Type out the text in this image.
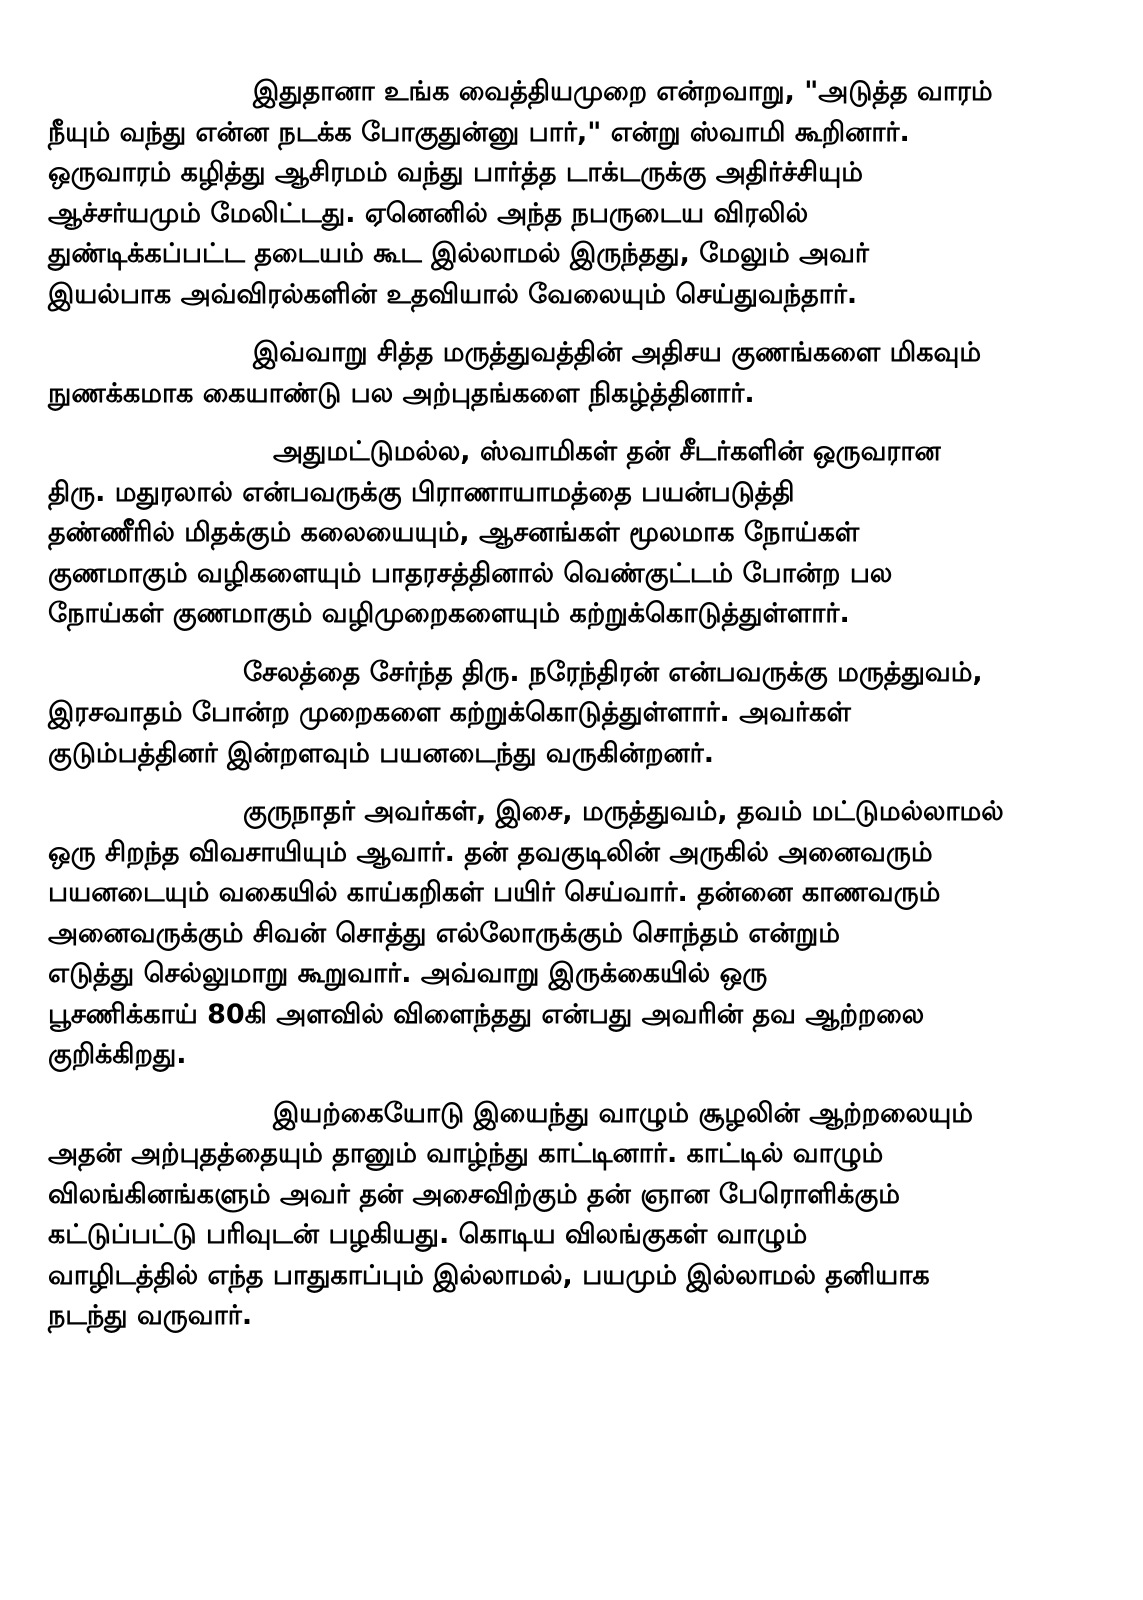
இதுதானா உங்க வைத்தியமுறை என்றவாறு, "அடுத்த வாரம்
நீயும் வந்து என்ன நடக்க போகுதுன்னு பார்," என்று ஸ்வாமி கூறினார்.
ஒருவாரம் கழித்து ஆசிரமம் வந்து பார்த்த டாக்டருக்கு அதிர்ச்சியும்
ஆச்சர்யமும் மேலிட்டது. ஏனெனில் அந்த நபருடைய விரலில்
துண்டிக்கப்பட்ட தடையம் கூட இல்லாமல் இருந்தது, மேலும் அவர்
இயல்பாக அவ்விரல்களின் உதவியால் வேலையும் செய்துவந்தார்.

இவ்வாறு சித்த மருத்துவத்தின் அதிசய குணங்களை மிகவும்
நுணக்கமாக கையாண்டு பல அற்புதங்களை நிகழ்த்தினார்.

அதுமட்டுமல்ல, ஸ்வாமிகள் தன் சீடர்களின் ஒருவரான
திரு. மதுரலால் என்பவருக்கு பிராணாயாமத்தை பயன்படுத்தி
தண்ணீரில் மிதக்கும் கலையையும், ஆசனங்கள் மூலமாக நோய்கள்
குணமாகும் வழிகளையும் பாதரசத்தினால் வெண்குட்டம் போன்ற பல
நோய்கள் குணமாகும் வழிமுறைகளையும் கற்றுக்கொடுத்துள்ளார்.

சேலத்தை சேர்ந்த திரு. நரேந்திரன் என்பவருக்கு மருத்துவம்,
இரசவாதம் போன்ற முறைகளை கற்றுக்கொடுத்துள்ளார். அவர்கள்
குடும்பத்தினர் இன்றளவும் பயனடைந்து வருகின்றனர்.

குருநாதர் அவர்கள், இசை, மருத்துவம், தவம் மட்டுமல்லாமல்
ஒரு சிறந்த விவசாயியும் ஆவார். தன் தவகுடிலின் அருகில் அனைவரும்
பயனடையும் வகையில் காய்கறிகள் பயிர் செய்வார். தன்னை காணவரும்
அனைவருக்கும் சிவன் சொத்து எல்லோருக்கும் சொந்தம் என்றும்
எடுத்து செல்லுமாறு கூறுவார். அவ்வாறு இருக்கையில் ஒரு
பூசணிக்காய் 80கி அளவில் விளைந்தது என்பது அவரின் தவ ஆற்றலை
குறிக்கிறது.

இயற்கையோடு இயைந்து வாழும் சூழலின் ஆற்றலையும்
அதன் அற்புதத்தையும் தானும் வாழ்ந்து காட்டினார். காட்டில் வாழும்
விலங்கினங்களும் அவர் தன் அசைவிற்கும் தன் ஞான பேரொளிக்கும்
கட்டுப்பட்டு பரிவுடன் பழகியது. கொடிய விலங்குகள் வாழும்
வாழிடத்தில் எந்த பாதுகாப்பும் இல்லாமல், பயமும் இல்லாமல் தனியாக
நடந்து வருவார்.
